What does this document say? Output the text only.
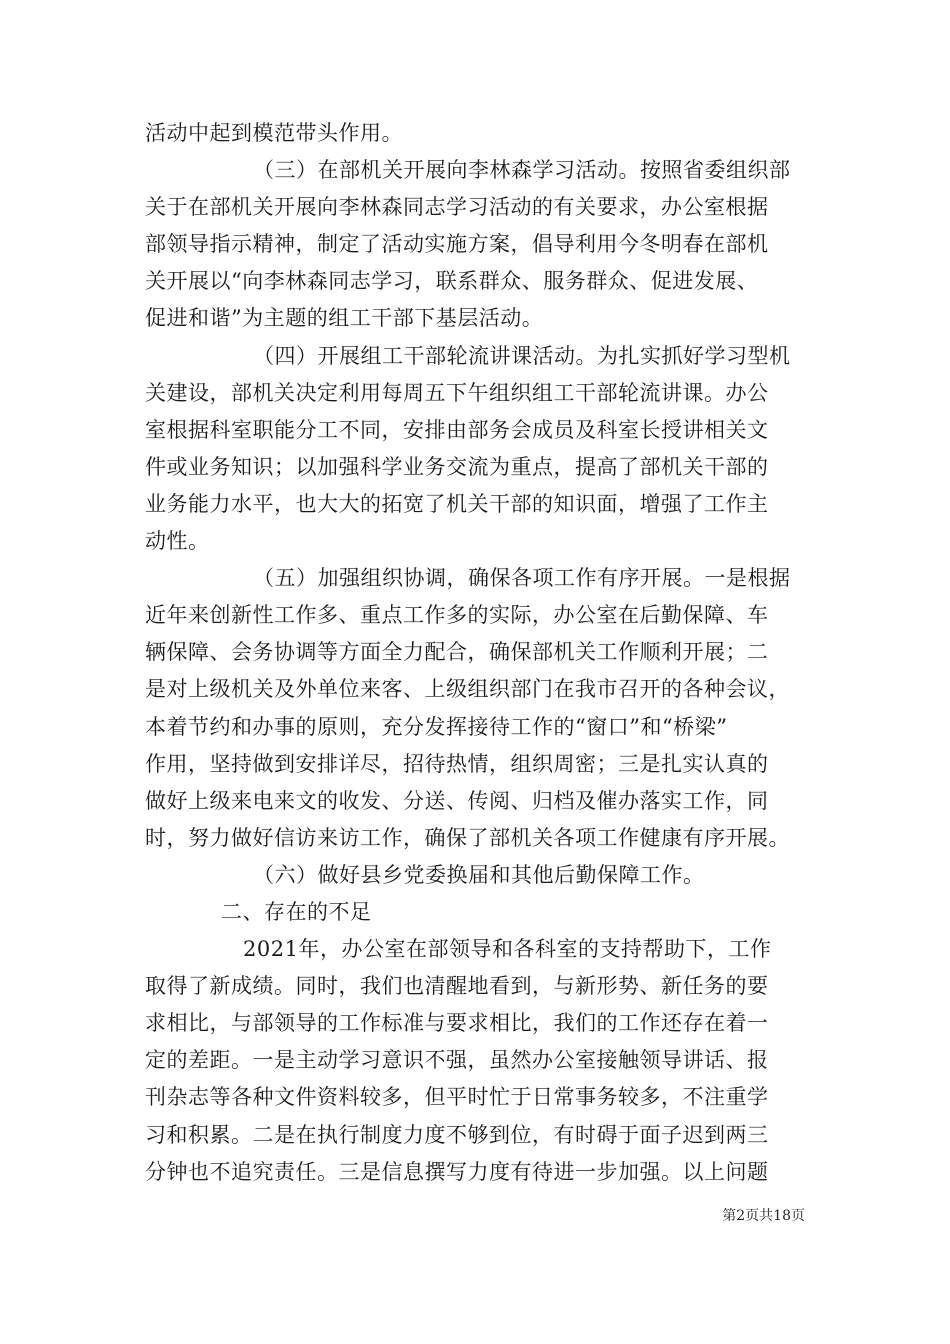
活动中起到模范带头作用。
（三）在部机关开展向李林森学习活动。按照省委组织部
关于在部机关开展向李林森同志学习活动的有关要求，办公室根据
部领导指示精神，制定了活动实施方案，倡导利用今冬明春在部机
关开展以“向李林森同志学习，联系群众、服务群众、促进发展、
促进和谐”为主题的组工干部下基层活动。
（四）开展组工干部轮流讲课活动。为扎实抓好学习型机
关建设，部机关决定利用每周五下午组织组工干部轮流讲课。办公
室根据科室职能分工不同，安排由部务会成员及科室长授讲相关文
件或业务知识；以加强科学业务交流为重点，提高了部机关干部的
业务能力水平，也大大的拓宽了机关干部的知识面，增强了工作主
动性。
（五）加强组织协调，确保各项工作有序开展。一是根据
近年来创新性工作多、重点工作多的实际，办公室在后勤保障、车
辆保障、会务协调等方面全力配合，确保部机关工作顺利开展；二
是对上级机关及外单位来客、上级组织部门在我市召开的各种会议，
本着节约和办事的原则，充分发挥接待工作的“窗口”和“桥梁”
作用，坚持做到安排详尽，招待热情，组织周密；三是扎实认真的
做好上级来电来文的收发、分送、传阅、归档及催办落实工作，同
时，努力做好信访来访工作，确保了部机关各项工作健康有序开展。
（六）做好县乡党委换届和其他后勤保障工作。
二、存在的不足
2021年，办公室在部领导和各科室的支持帮助下，工作
取得了新成绩。同时，我们也清醒地看到，与新形势、新任务的要
求相比，与部领导的工作标准与要求相比，我们的工作还存在着一
定的差距。一是主动学习意识不强，虽然办公室接触领导讲话、报
刊杂志等各种文件资料较多，但平时忙于日常事务较多，不注重学
习和积累。二是在执行制度力度不够到位，有时碍于面子迟到两三
分钟也不追究责任。三是信息撰写力度有待进一步加强。以上问题
第2页共18页
